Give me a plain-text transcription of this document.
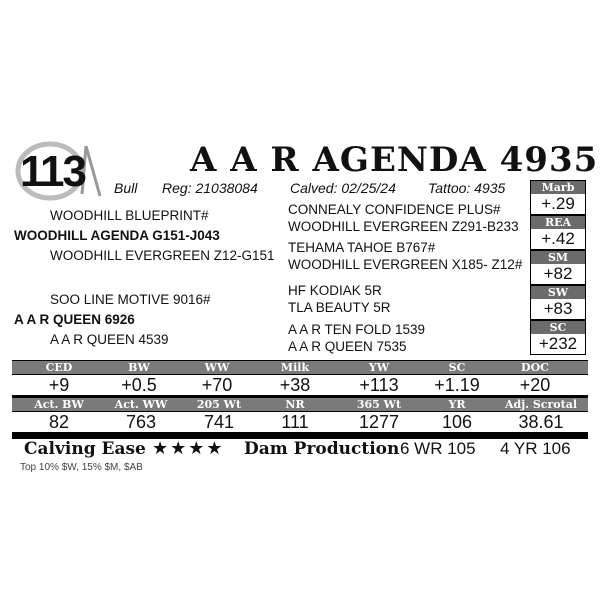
113	A A R AGENDA 4935
Bull Reg: 21038084 Calved: 02/25/24 Tattoo: 4935
WOODHILL BLUEPRINT#
WOODHILL AGENDA G151-J043
WOODHILL EVERGREEN Z12-G151
SOO LINE MOTIVE 9016#
A A R QUEEN 6926
A A R QUEEN 4539
CONNEALY CONFIDENCE PLUS#
WOODHILL EVERGREEN Z291-B233
TEHAMA TAHOE B767#
WOODHILL EVERGREEN X185- Z12#
HF KODIAK 5R
TLA BEAUTY 5R
A A R TEN FOLD 1539
A A R QUEEN 7535
Marb
+.29
REA
+.42
SM
+82
SW
+83
SC
+232
CED	BW	WW	Milk	YW	SC	DOC
+9	+0.5	+70	+38	+113	+1.19	+20
Act. BW	Act. WW	205 Wt	NR	365 Wt	YR	Adj. Scrotal
82	763	741	111	1277	106	38.61
Calving Ease ★★★★ Dam Production 6 WR 105 4 YR 106
Top 10% $W, 15% $M, $AB
